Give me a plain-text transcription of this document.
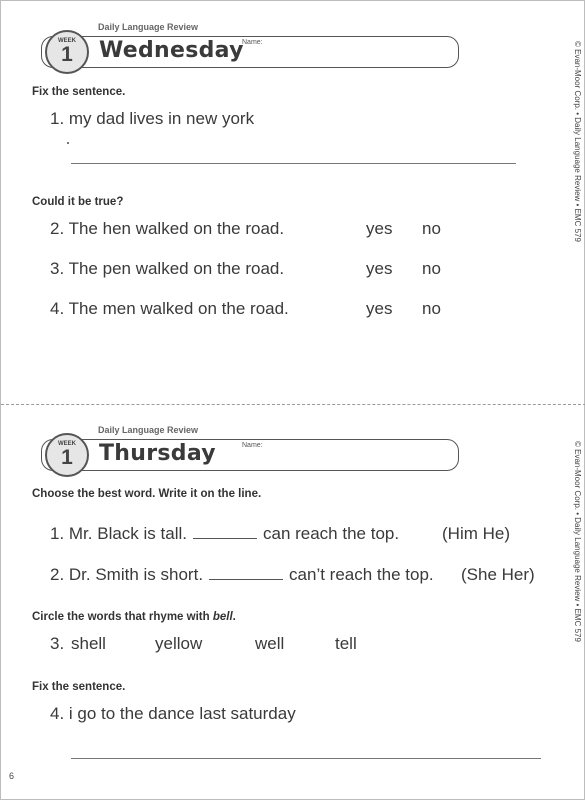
Daily Language Review
Wednesday
Name:
WEEK
1
Fix the sentence.
1. my dad lives in new york
Could it be true?
2. The hen walked on the road.	yes no
3. The pen walked on the road.	yes no
4. The men walked on the road.	yes no
© Evan-Moor Corp. • Daily Language Review • EMC 579
Daily Language Review
Thursday	Name:
WEEK
1
Choose the best word. Write it on the line.
1. Mr. Black is tall.	can reach the top.	(Him He)
2. Dr. Smith is short.	can’t reach the top. (She Her)
Circle the words that rhyme with bell.
3. shell	yellow	well	tell
Fix the sentence.
4. i go to the dance last saturday
© Evan-Moor Corp. • Daily Language Review • EMC 579
6
